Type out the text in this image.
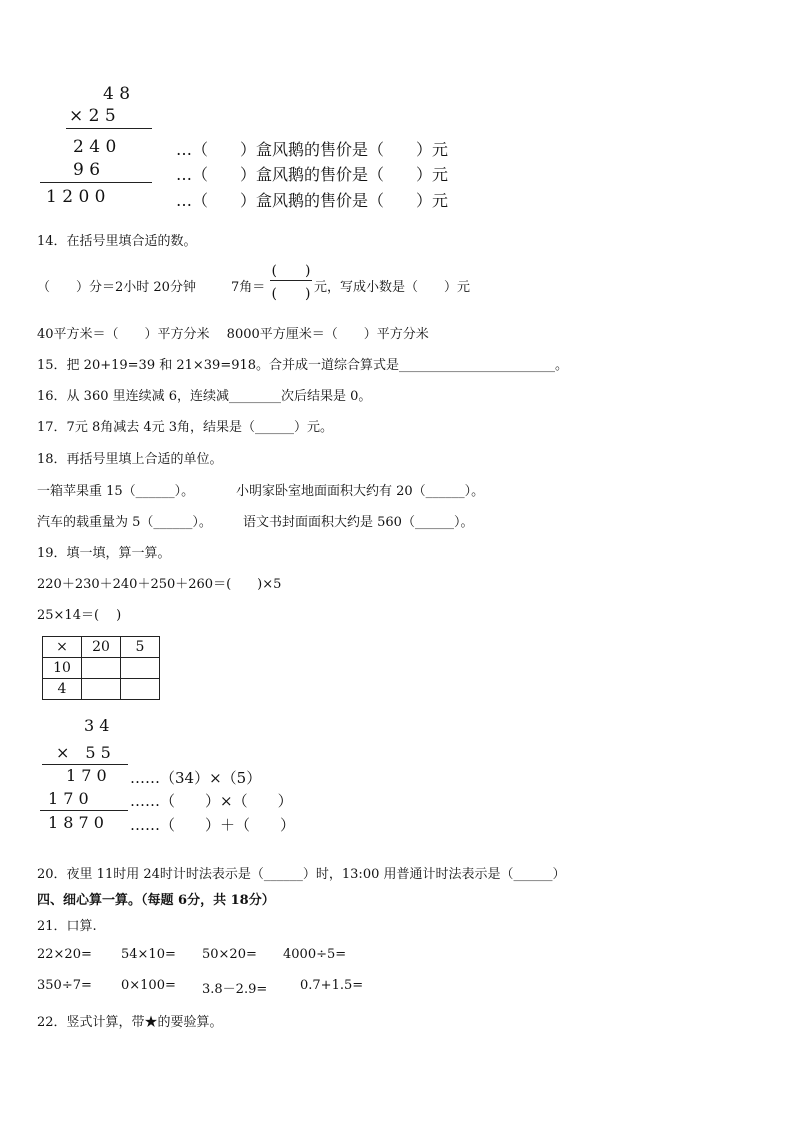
4 8
× 2 5
2 4 0
9 6
1 2 0 0
…（　　）盒风鹅的售价是（　　）元
…（　　）盒风鹅的售价是（　　）元
…（　　）盒风鹅的售价是（　　）元
14．在括号里填合适的数。
（　　）分＝2小时 20分钟	7角＝
(　　)
(　　) 元，写成小数是（　　）元
40平方米＝（　　）平方分米　 8000平方厘米＝（　　）平方分米
15．把 20+19=39 和 21×39=918。合并成一道综合算式是________________________。
16．从 360 里连续减 6，连续减________次后结果是 0。
17．7元 8角减去 4元 3角，结果是（______）元。
18．再括号里填上合适的单位。
一箱苹果重 15（______）。	小明家卧室地面面积大约有 20（______）。
汽车的载重量为 5（______）。 语文书封面面积大约是 560（______）。
19．填一填，算一算。
220＋230＋240＋250＋260＝(　　)×5
25×14＝(　 )
×	20	5
10		
4		
3 4
×　5 5
1 7 0
1 7 0
1 8 7 0
……（34）×（5）
……（　　）×（　　）
……（　　）＋（　　）
20．夜里 11时用 24时计时法表示是（______）时，13:00 用普通计时法表示是（______）
四、细心算一算。（每题 6分，共 18分）
21．口算.
22×20= 54×10= 50×20= 4000÷5=
350÷7= 0×100= 3.8－2.9=	0.7+1.5=
22．竖式计算，带★的要验算。
